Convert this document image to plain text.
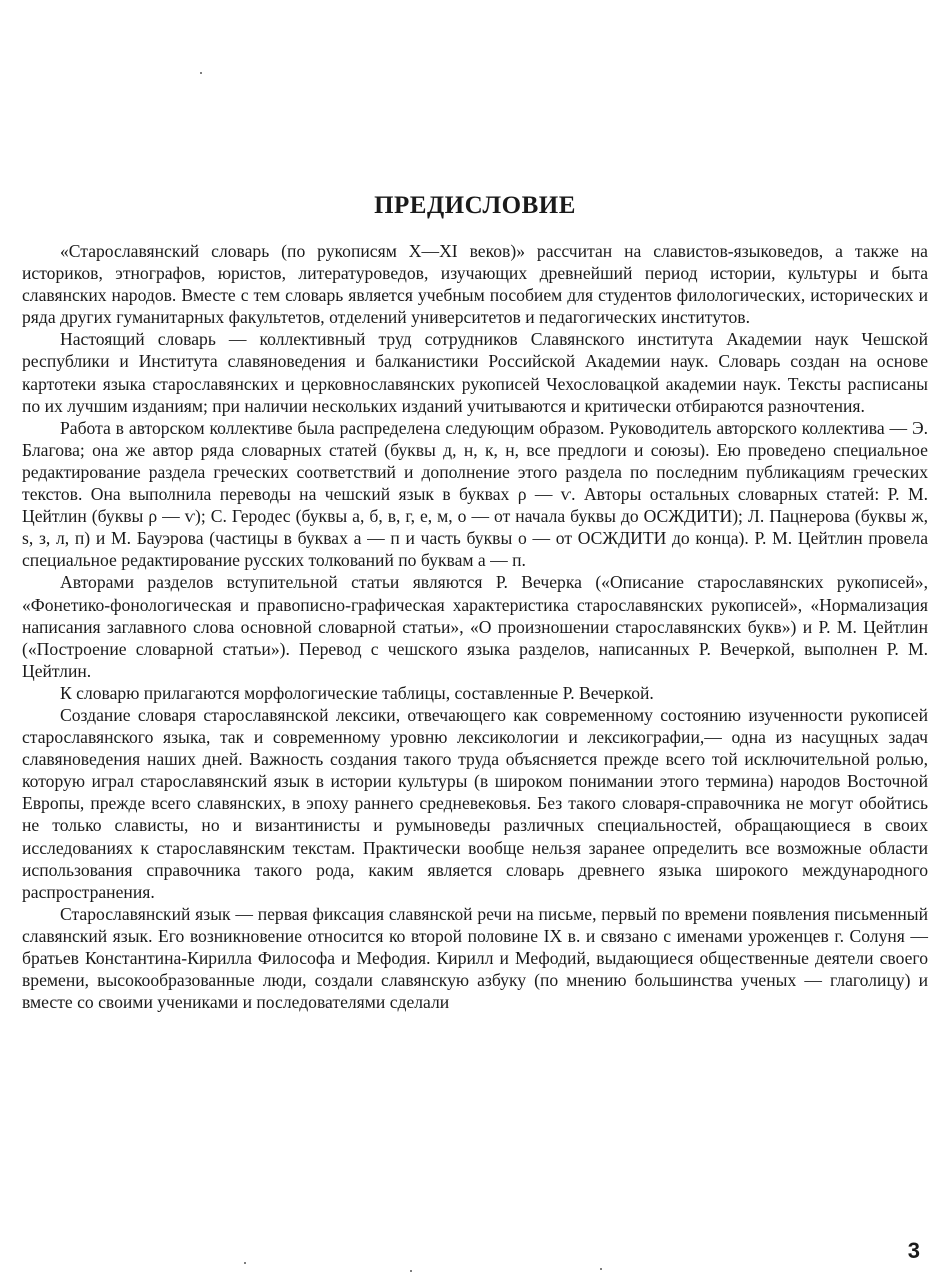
ПРЕДИСЛОВИЕ

«Старославянский словарь (по рукописям X—XI веков)» рассчитан на славистов-языковедов, а также на историков, этнографов, юристов, литературоведов, изучающих древнейший период истории, культуры и быта славянских народов. Вместе с тем словарь является учебным пособием для студентов филологических, исторических и ряда других гуманитарных факультетов, отделений университетов и педагогических институтов.

Настоящий словарь — коллективный труд сотрудников Славянского института Академии наук Чешской республики и Института славяноведения и балканистики Российской Академии наук. Словарь создан на основе картотеки языка старославянских и церковнославянских рукописей Чехословацкой академии наук. Тексты расписаны по их лучшим изданиям; при наличии нескольких изданий учитываются и критически отбираются разночтения.

Работа в авторском коллективе была распределена следующим образом. Руководитель авторского коллектива — Э. Благова; она же автор ряда словарных статей (буквы д, н, к, н, все предлоги и союзы). Ею проведено специальное редактирование раздела греческих соответствий и дополнение этого раздела по последним публикациям греческих текстов. Она выполнила переводы на чешский язык в буквах ρ — ѵ. Авторы остальных словарных статей: Р. М. Цейтлин (буквы ρ — ѵ); С. Геродес (буквы а, б, в, г, е, м, о — от начала буквы до ОСЖДИТИ); Л. Пацнерова (буквы ж, ѕ, з, л, п) и М. Бауэрова (частицы в буквах а — п и часть буквы о — от ОСЖДИТИ до конца). Р. М. Цейтлин провела специальное редактирование русских толкований по буквам а — п.

Авторами разделов вступительной статьи являются Р. Вечерка («Описание старославянских рукописей», «Фонетико-фонологическая и правописно-графическая характеристика старославянских рукописей», «Нормализация написания заглавного слова основной словарной статьи», «О произношении старославянских букв») и Р. М. Цейтлин («Построение словарной статьи»). Перевод с чешского языка разделов, написанных Р. Вечеркой, выполнен Р. М. Цейтлин.

К словарю прилагаются морфологические таблицы, составленные Р. Вечеркой.

Создание словаря старославянской лексики, отвечающего как современному состоянию изученности рукописей старославянского языка, так и современному уровню лексикологии и лексикографии,— одна из насущных задач славяноведения наших дней. Важность создания такого труда объясняется прежде всего той исключительной ролью, которую играл старославянский язык в истории культуры (в широком понимании этого термина) народов Восточной Европы, прежде всего славянских, в эпоху раннего средневековья. Без такого словаря-справочника не могут обойтись не только слависты, но и византинисты и румыноведы различных специальностей, обращающиеся в своих исследованиях к старославянским текстам. Практически вообще нельзя заранее определить все возможные области использования справочника такого рода, каким является словарь древнего языка широкого международного распространения.

Старославянский язык — первая фиксация славянской речи на письме, первый по времени появления письменный славянский язык. Его возникновение относится ко второй половине IX в. и связано с именами уроженцев г. Солуня — братьев Константина-Кирилла Философа и Мефодия. Кирилл и Мефодий, выдающиеся общественные деятели своего времени, высокообразованные люди, создали славянскую азбуку (по мнению большинства ученых — глаголицу) и вместе со своими учениками и последователями сделали

3
